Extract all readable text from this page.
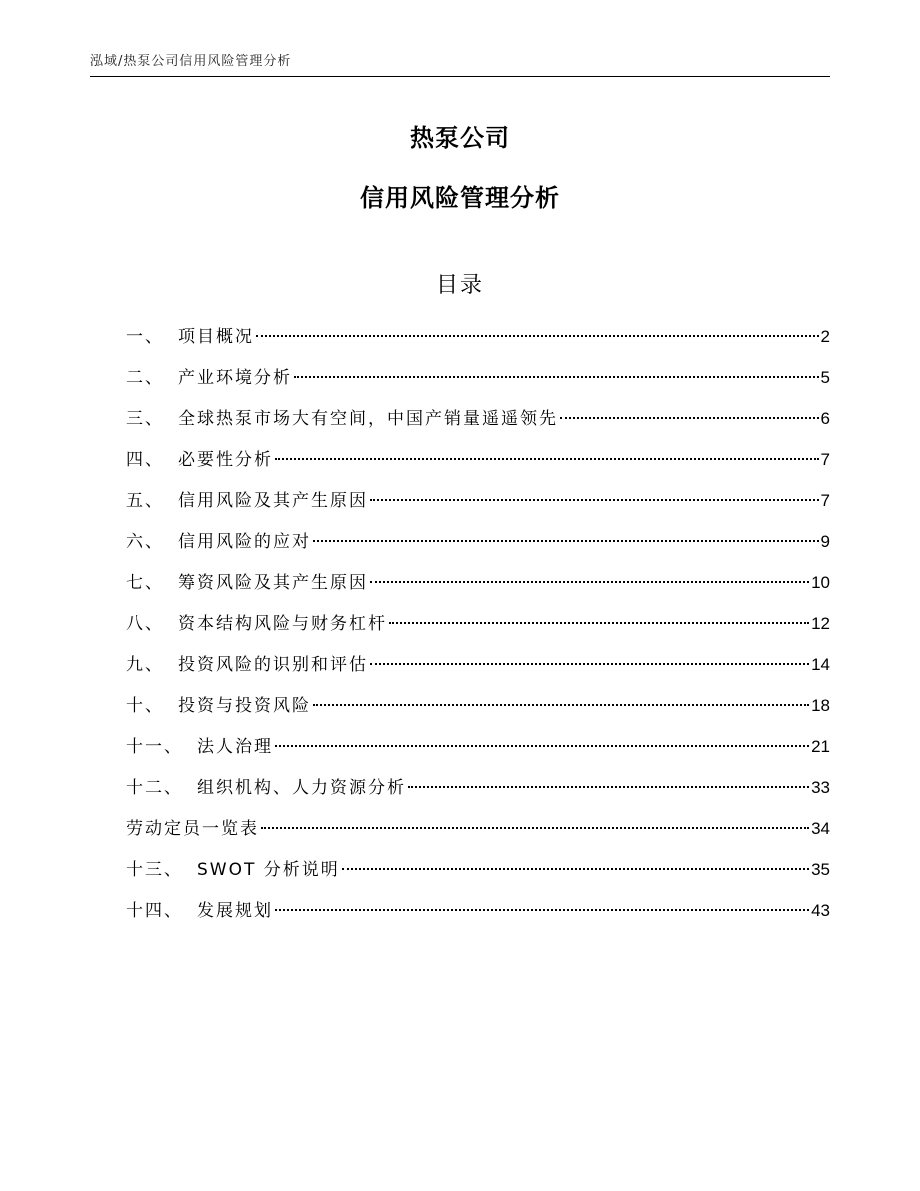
泓域/热泵公司信用风险管理分析
热泵公司
信用风险管理分析
目录
一、 项目概况	2
二、 产业环境分析	5
三、 全球热泵市场大有空间，中国产销量遥遥领先	6
四、 必要性分析	7
五、 信用风险及其产生原因	7
六、 信用风险的应对	9
七、 筹资风险及其产生原因	10
八、 资本结构风险与财务杠杆	12
九、 投资风险的识别和评估	14
十、 投资与投资风险	18
十一、 法人治理	21
十二、 组织机构、人力资源分析	33
劳动定员一览表	34
十三、 SWOT 分析说明	35
十四、 发展规划	43
